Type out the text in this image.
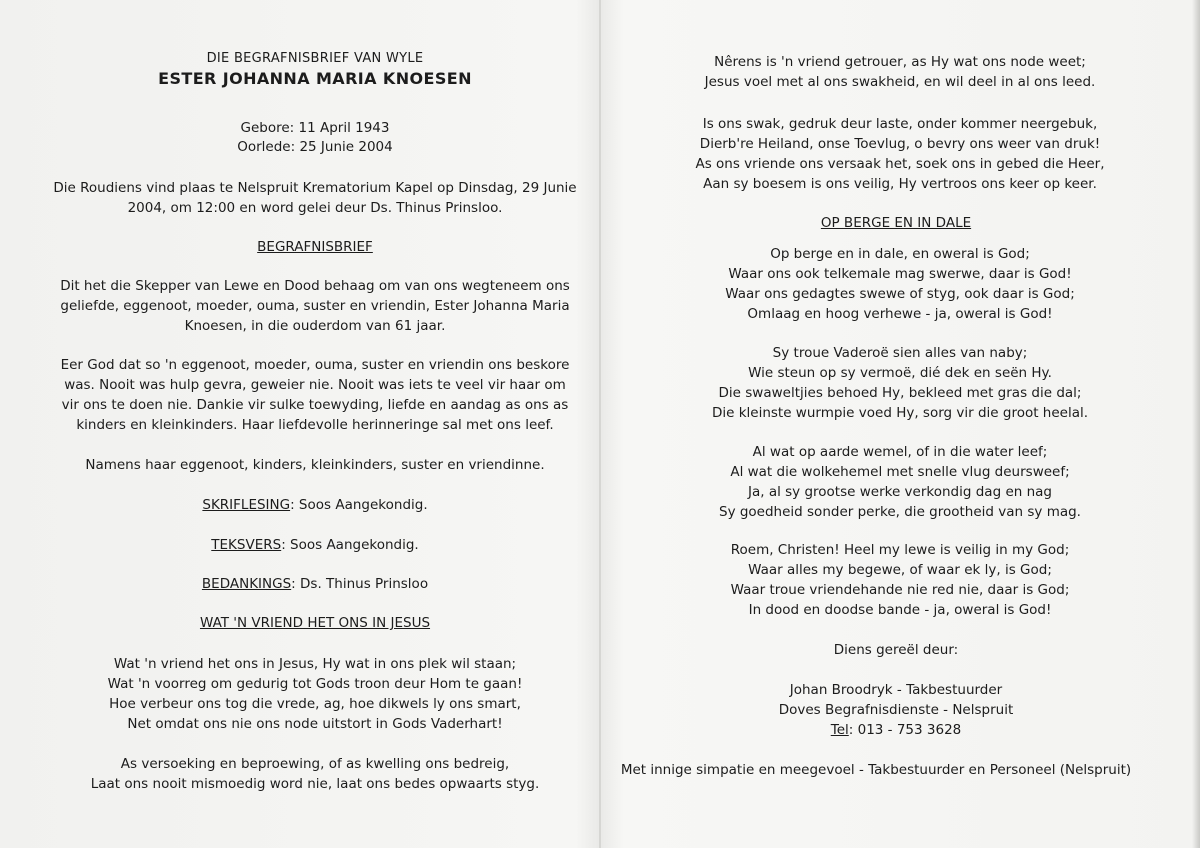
DIE BEGRAFNISBRIEF VAN WYLE
ESTER JOHANNA MARIA KNOESEN
Gebore: 11 April 1943
Oorlede: 25 Junie 2004
Die Roudiens vind plaas te Nelspruit Krematorium Kapel op Dinsdag, 29 Junie
2004, om 12:00 en word gelei deur Ds. Thinus Prinsloo.
BEGRAFNISBRIEF
Dit het die Skepper van Lewe en Dood behaag om van ons wegteneem ons
geliefde, eggenoot, moeder, ouma, suster en vriendin, Ester Johanna Maria
Knoesen, in die ouderdom van 61 jaar.
Eer God dat so 'n eggenoot, moeder, ouma, suster en vriendin ons beskore
was. Nooit was hulp gevra, geweier nie. Nooit was iets te veel vir haar om
vir ons te doen nie. Dankie vir sulke toewyding, liefde en aandag as ons as
kinders en kleinkinders. Haar liefdevolle herinneringe sal met ons leef.
Namens haar eggenoot, kinders, kleinkinders, suster en vriendinne.
SKRIFLESING: Soos Aangekondig.
TEKSVERS: Soos Aangekondig.
BEDANKINGS: Ds. Thinus Prinsloo
WAT 'N VRIEND HET ONS IN JESUS
Wat 'n vriend het ons in Jesus, Hy wat in ons plek wil staan;
Wat 'n voorreg om gedurig tot Gods troon deur Hom te gaan!
Hoe verbeur ons tog die vrede, ag, hoe dikwels ly ons smart,
Net omdat ons nie ons node uitstort in Gods Vaderhart!
As versoeking en beproewing, of as kwelling ons bedreig,
Laat ons nooit mismoedig word nie, laat ons bedes opwaarts styg.
Nêrens is 'n vriend getrouer, as Hy wat ons node weet;
Jesus voel met al ons swakheid, en wil deel in al ons leed.
Is ons swak, gedruk deur laste, onder kommer neergebuk,
Dierb're Heiland, onse Toevlug, o bevry ons weer van druk!
As ons vriende ons versaak het, soek ons in gebed die Heer,
Aan sy boesem is ons veilig, Hy vertroos ons keer op keer.
OP BERGE EN IN DALE
Op berge en in dale, en oweral is God;
Waar ons ook telkemale mag swerwe, daar is God!
Waar ons gedagtes swewe of styg, ook daar is God;
Omlaag en hoog verhewe - ja, oweral is God!
Sy troue Vaderoë sien alles van naby;
Wie steun op sy vermoë, dié dek en seën Hy.
Die swaweltjies behoed Hy, bekleed met gras die dal;
Die kleinste wurmpie voed Hy, sorg vir die groot heelal.
Al wat op aarde wemel, of in die water leef;
Al wat die wolkehemel met snelle vlug deursweef;
Ja, al sy grootse werke verkondig dag en nag
Sy goedheid sonder perke, die grootheid van sy mag.
Roem, Christen! Heel my lewe is veilig in my God;
Waar alles my begewe, of waar ek ly, is God;
Waar troue vriendehande nie red nie, daar is God;
In dood en doodse bande - ja, oweral is God!
Diens gereël deur:
Johan Broodryk - Takbestuurder
Doves Begrafnisdienste - Nelspruit
Tel: 013 - 753 3628
Met innige simpatie en meegevoel - Takbestuurder en Personeel (Nelspruit)
